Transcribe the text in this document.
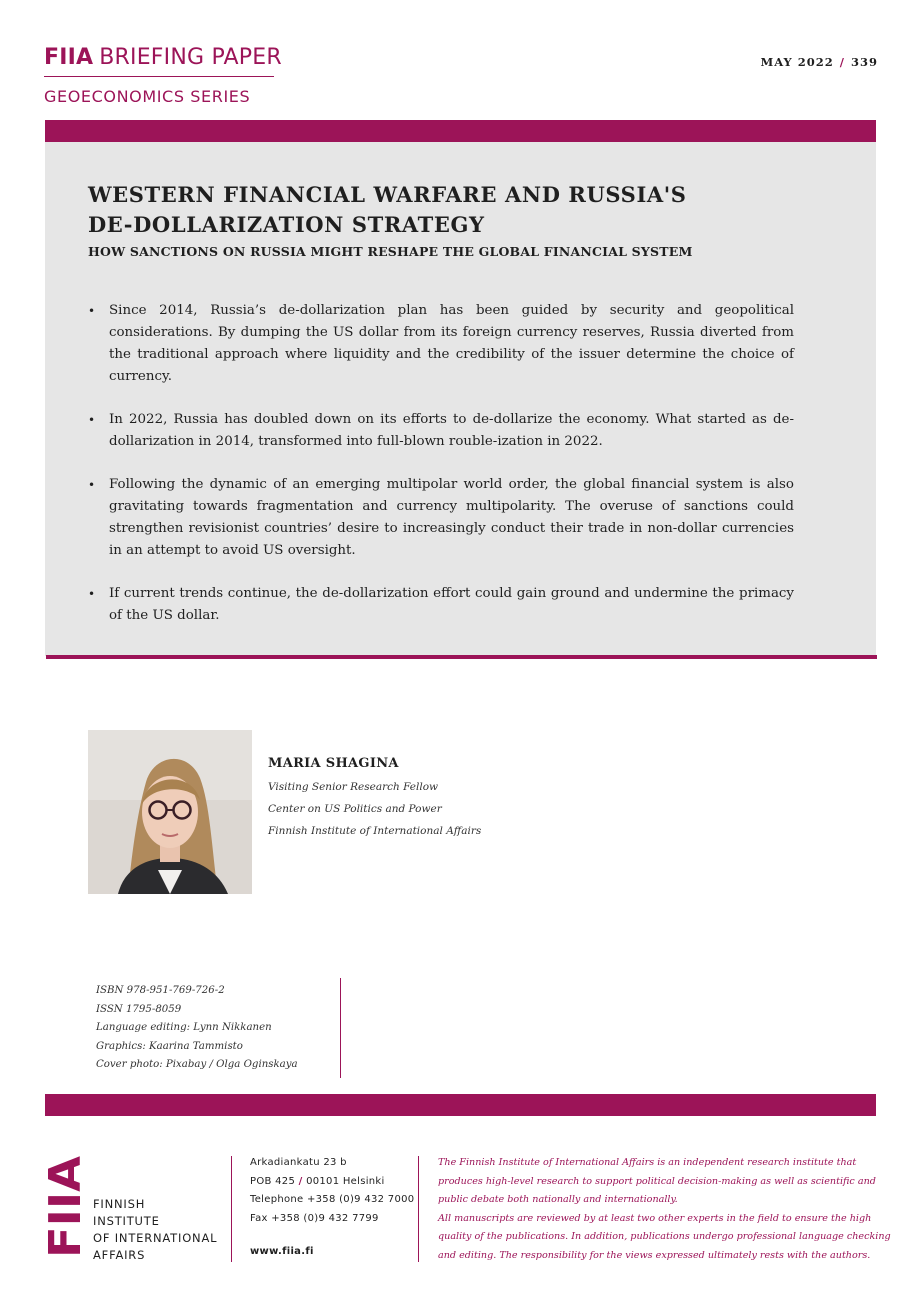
FIIA BRIEFING PAPER
GEOECONOMICS SERIES
MAY 2022 / 339
WESTERN FINANCIAL WARFARE AND RUSSIA'S
DE-DOLLARIZATION STRATEGY
HOW SANCTIONS ON RUSSIA MIGHT RESHAPE THE GLOBAL FINANCIAL SYSTEM
• Since 2014, Russia’s de-dollarization plan has been guided by security and geopolitical considerations. By dumping the US dollar from its foreign currency reserves, Russia diverted from the traditional approach where liquidity and the credibility of the issuer determine the choice of currency.
• In 2022, Russia has doubled down on its efforts to de-dollarize the economy. What started as de-dollarization in 2014, transformed into full-blown rouble-ization in 2022.
• Following the dynamic of an emerging multipolar world order, the global financial system is also gravitating towards fragmentation and currency multipolarity. The overuse of sanctions could strengthen revisionist countries’ desire to increasingly conduct their trade in non-dollar currencies in an attempt to avoid US oversight.
• If current trends continue, the de-dollarization effort could gain ground and undermine the primacy of the US dollar.
MARIA SHAGINA
Visiting Senior Research Fellow
Center on US Politics and Power
Finnish Institute of International Affairs
ISBN 978-951-769-726-2
ISSN 1795-8059
Language editing: Lynn Nikkanen
Graphics: Kaarina Tammisto
Cover photo: Pixabay / Olga Oginskaya
FIIA FINNISH
INSTITUTE
OF INTERNATIONAL
AFFAIRS
Arkadiankatu 23 b
POB 425 / 00101 Helsinki
Telephone +358 (0)9 432 7000
Fax +358 (0)9 432 7799
www.fiia.fi

The Finnish Institute of International Affairs is an independent research institute that

produces high-level research to support political decision-making as well as scientific and

public debate both nationally and internationally.

All manuscripts are reviewed by at least two other experts in the field to ensure the high

quality of the publications. In addition, publications undergo professional language checking

and editing. The responsibility for the views expressed ultimately rests with the authors.
